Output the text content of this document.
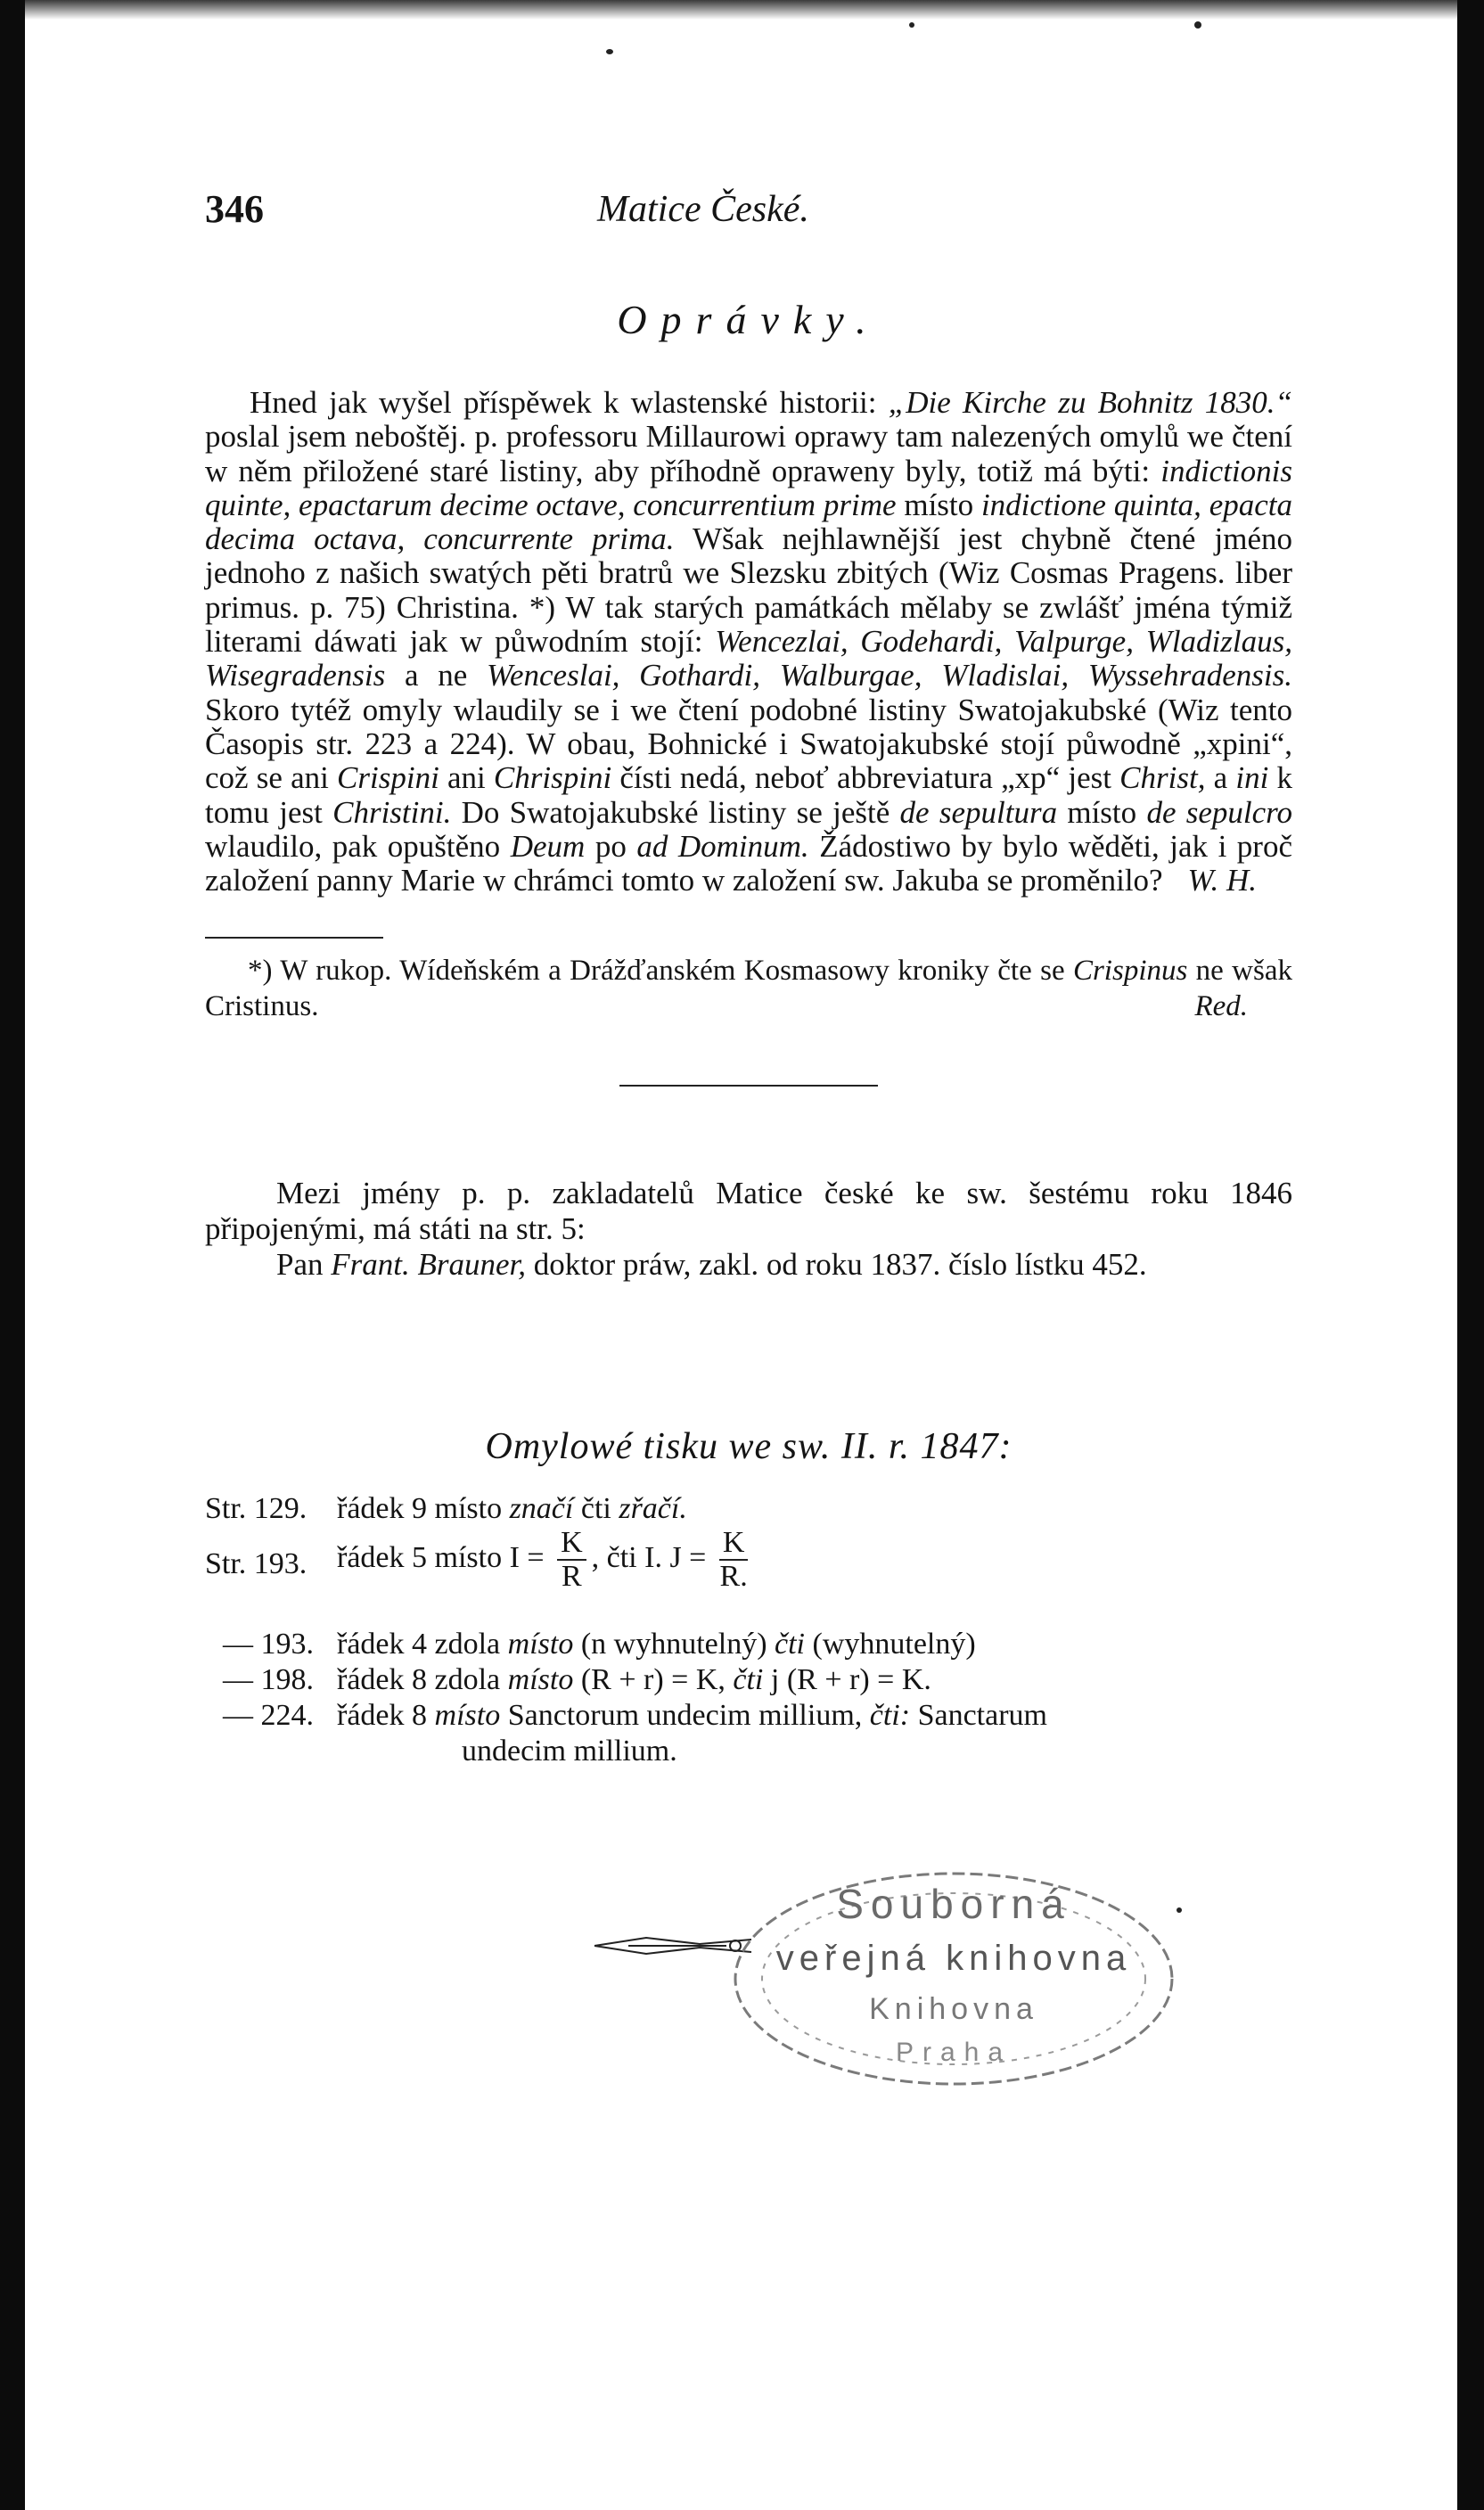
346	Matice České.
Oprávky.

Hned jak wyšel příspěwek k wlastenské historii: „Die Kirche zu Bohnitz 1830.“ poslal jsem neboštěj. p. professoru Millaurowi oprawy tam nalezených omylů we čtení w něm přiložené staré listiny, aby příhodně opraweny byly, totiž má býti: indictionis quinte, epactarum decime octave, concurrentium prime místo indictione quinta, epacta decima octava, concurrente prima. Wšak nejhlawnější jest chybně čtené jméno jednoho z našich swatých pěti bratrů we Slezsku zbitých (Wiz Cosmas Pragens. liber primus. p. 75) Christina. *) W tak starých památkách mělaby se zwlášť jména týmiž literami dáwati jak w půwodním stojí: Wencezlai, Godehardi, Valpurge, Wladizlaus, Wisegradensis a ne Wenceslai, Gothardi, Walburgae, Wladislai, Wyssehradensis. Skoro tytéž omyly wlaudily se i we čtení podobné listiny Swatojakubské (Wiz tento Časopis str. 223 a 224). W obau, Bohnické i Swatojakubské stojí půwodně „xpini“, což se ani Crispini ani Chrispini čísti nedá, neboť abbreviatura „xp“ jest Christ, a ini k tomu jest Christini. Do Swatojakubské listiny se ještě de sepultura místo de sepulcro wlaudilo, pak opuštěno Deum po ad Dominum. Žádostiwo by bylo wěděti, jak i proč založení panny Marie w chrámci tomto w založení sw. Jakuba se proměnilo? W. H.

*) W rukop. Wídeňském a Drážďanském Kosmasowy kroniky čte se Crispinus ne wšak Cristinus.	Red.

Mezi jmény p. p. zakladatelů Matice české ke sw. šestému roku 1846 připojenými, má státi na str. 5:

Pan Frant. Brauner, doktor práw, zakl. od roku 1837. číslo lístku 452.

Omylowé tisku we sw. II. r. 1847:
Str. 129. řádek 9 místo značí čti zřačí.
Str. 193. řádek 5 místo $I = \frac{K}{R}$ , čti I. $J = \frac{K}{R.}$
— 193. řádek 4 zdola místo (n wyhnutelný) čti (wyhnutelný)
— 198. řádek 8 zdola místo (R + r) = K, čti j (R + r) = K.
— 224. řádek 8 místo Sanctorum undecim millium, čti: Sanctarum
undecim millium.
Souborná
veřejná knihovna
Knihovna
Praha
